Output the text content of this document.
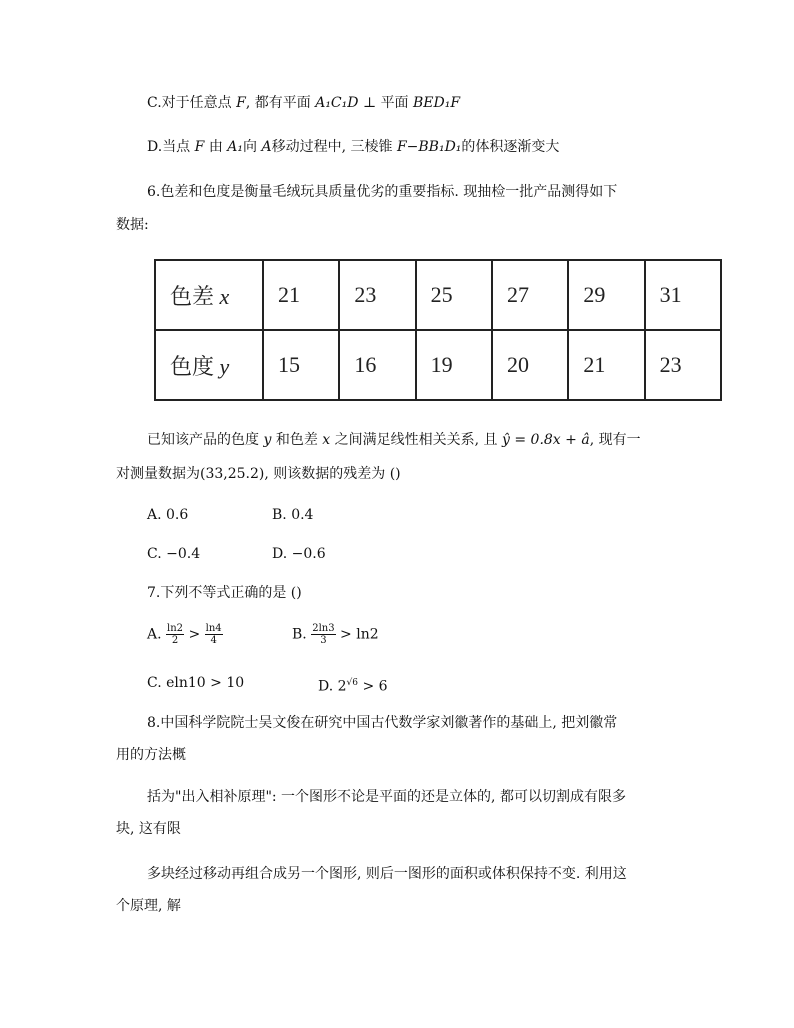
C.对于任意点 F, 都有平面 A₁C₁D ⊥ 平面 BED₁F
D.当点 F 由 A₁向 A移动过程中, 三棱锥 F−BB₁D₁的体积逐渐变大
6.色差和色度是衡量毛绒玩具质量优劣的重要指标. 现抽检一批产品测得如下
数据:
色差 x	21	23	25	27	29	31
色度 y	15	16	19	20	21	23
已知该产品的色度 y 和色差 x 之间满足线性相关关系, 且 ŷ = 0.8x + â, 现有一
对测量数据为(33,25.2), 则该数据的残差为 ()
A. 0.6	B. 0.4
C. −0.4	D. −0.6
7.下列不等式正确的是 ()
A. $\frac{\ln 2}{2} > \frac{\ln 4}{4}$	B. $\frac{2\ln 3}{3} > \ln 2$
C. eln10 > 10	D. $2^{√6} > 6$
8.中国科学院院士吴文俊在研究中国古代数学家刘徽著作的基础上, 把刘徽常
用的方法概
括为"出入相补原理": 一个图形不论是平面的还是立体的, 都可以切割成有限多
块, 这有限
多块经过移动再组合成另一个图形, 则后一图形的面积或体积保持不变. 利用这
个原理, 解
